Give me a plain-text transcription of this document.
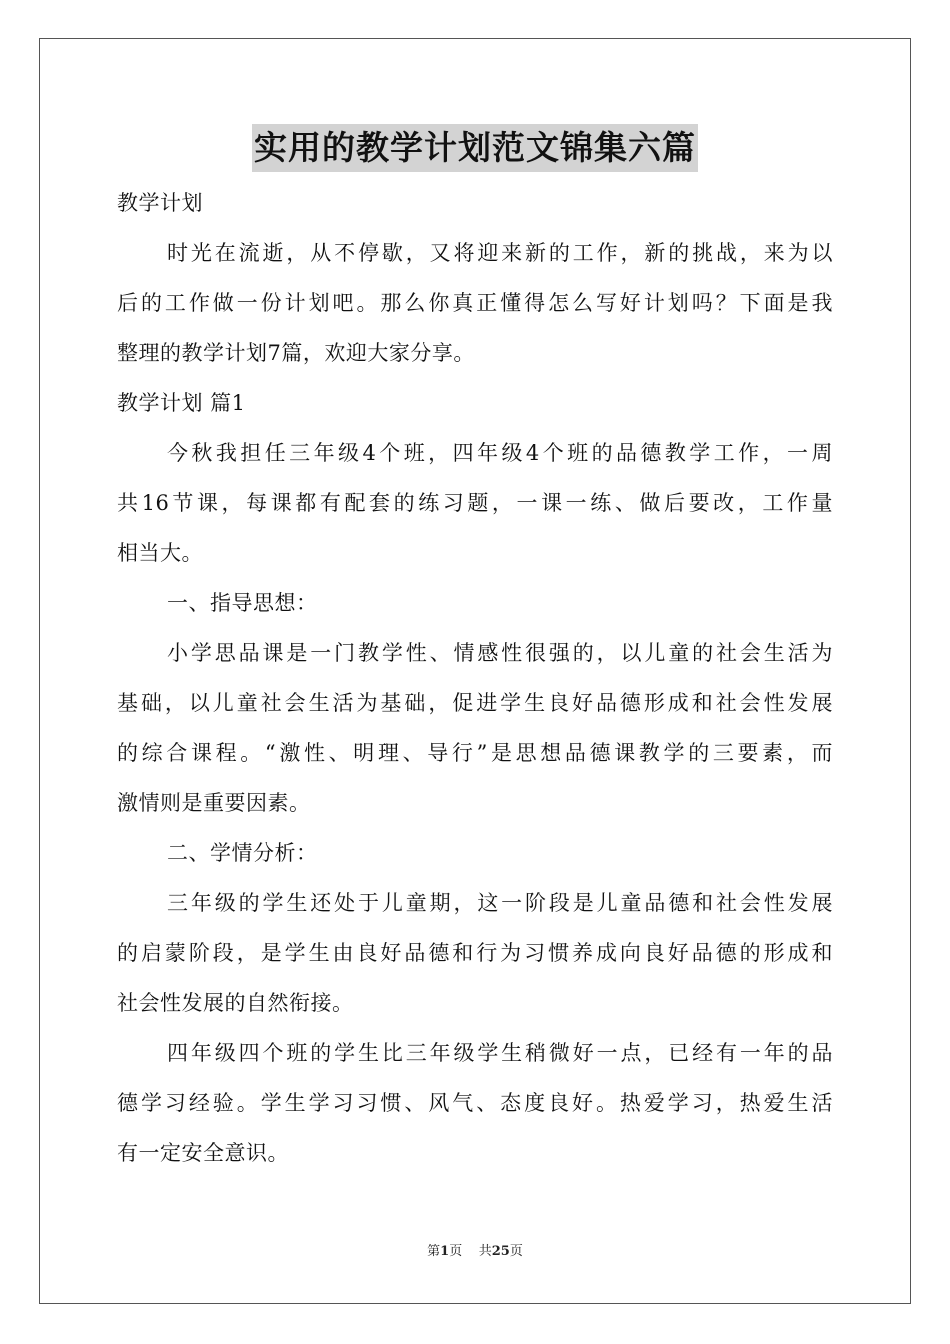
实用的教学计划范文锦集六篇
教学计划
时光在流逝，从不停歇，又将迎来新的工作，新的挑战，来为以
后的工作做一份计划吧。那么你真正懂得怎么写好计划吗？下面是我
整理的教学计划7篇，欢迎大家分享。
教学计划 篇1
今秋我担任三年级4个班，四年级4个班的品德教学工作，一周
共16节课，每课都有配套的练习题，一课一练、做后要改，工作量
相当大。
一、指导思想：
小学思品课是一门教学性、情感性很强的，以儿童的社会生活为
基础，以儿童社会生活为基础，促进学生良好品德形成和社会性发展
的综合课程。“激性、明理、导行”是思想品德课教学的三要素，而
激情则是重要因素。
二、学情分析：
三年级的学生还处于儿童期，这一阶段是儿童品德和社会性发展
的启蒙阶段，是学生由良好品德和行为习惯养成向良好品德的形成和
社会性发展的自然衔接。
四年级四个班的学生比三年级学生稍微好一点，已经有一年的品
德学习经验。学生学习习惯、风气、态度良好。热爱学习，热爱生活
有一定安全意识。
第1页 共25页
